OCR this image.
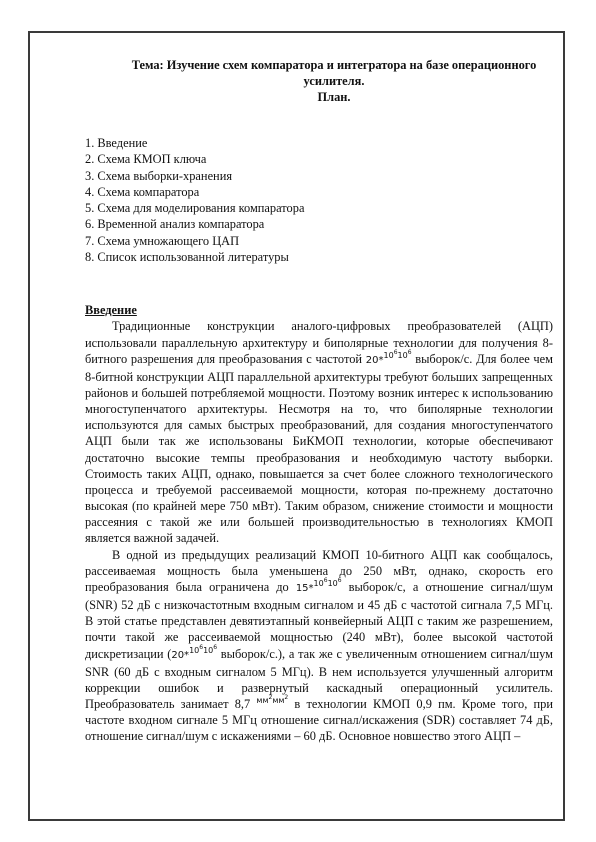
Тема: Изучение схем компаратора и интегратора на базе операционного
усилителя.

План.

1. Введение
2. Схема КМОП ключа
3. Схема выборки-хранения
4. Схема компаратора
5. Схема для моделирования компаратора
6. Временной анализ компаратора
7. Схема умножающего ЦАП
8. Список использованной литературы
Введение

Традиционные конструкции аналого-цифровых преобразователей (АЦП) использовали параллельную архитектуру и биполярные технологии для получения 8-битного разрешения для преобразования с частотой 20*$^{10^610^6}$ выборок/с. Для более чем 8-битной конструкции АЦП параллельной архитектуры требуют больших запрещенных районов и большей потребляемой мощности. Поэтому возник интерес к использованию многоступенчатого архитектуры. Несмотря на то, что биполярные технологии используются для самых быстрых преобразований, для создания многоступенчатого АЦП были так же использованы БиКМОП технологии, которые обеспечивают достаточно высокие темпы преобразования и необходимую частоту выборки. Стоимость таких АЦП, однако, повышается за счет более сложного технологического процесса и требуемой рассеиваемой мощности, которая по-прежнему достаточно высокая (по крайней мере 750 мВт). Таким образом, снижение стоимости и мощности рассеяния с такой же или большей производительностью в технологиях КМОП является важной задачей.

В одной из предыдущих реализаций КМОП 10-битного АЦП как сообщалось, рассеиваемая мощность была уменьшена до 250 мВт, однако, скорость его преобразования была ограничена до 15*$^{10^610^6}$ выборок/с, а отношение сигнал/шум (SNR) 52 дБ с низкочастотным входным сигналом и 45 дБ с частотой сигнала 7,5 МГц. В этой статье представлен девятиэтапный конвейерный АЦП с таким же разрешением, почти такой же рассеиваемой мощностью (240 мВт), более высокой частотой дискретизации (20*$^{10^610^6}$ выборок/с.), а так же с увеличенным отношением сигнал/шум SNR (60 дБ с входным сигналом 5 МГц). В нем используется улучшенный алгоритм коррекции ошибок и развернутый каскадный операционный усилитель. Преобразователь занимает 8,7 $^{мм^2мм^2}$ в технологии КМОП 0,9 пм. Кроме того, при частоте входном сигнале 5 МГц отношение сигнал/искажения (SDR) составляет 74 дБ, отношение сигнал/шум с искажениями – 60 дБ. Основное новшество этого АЦП –
